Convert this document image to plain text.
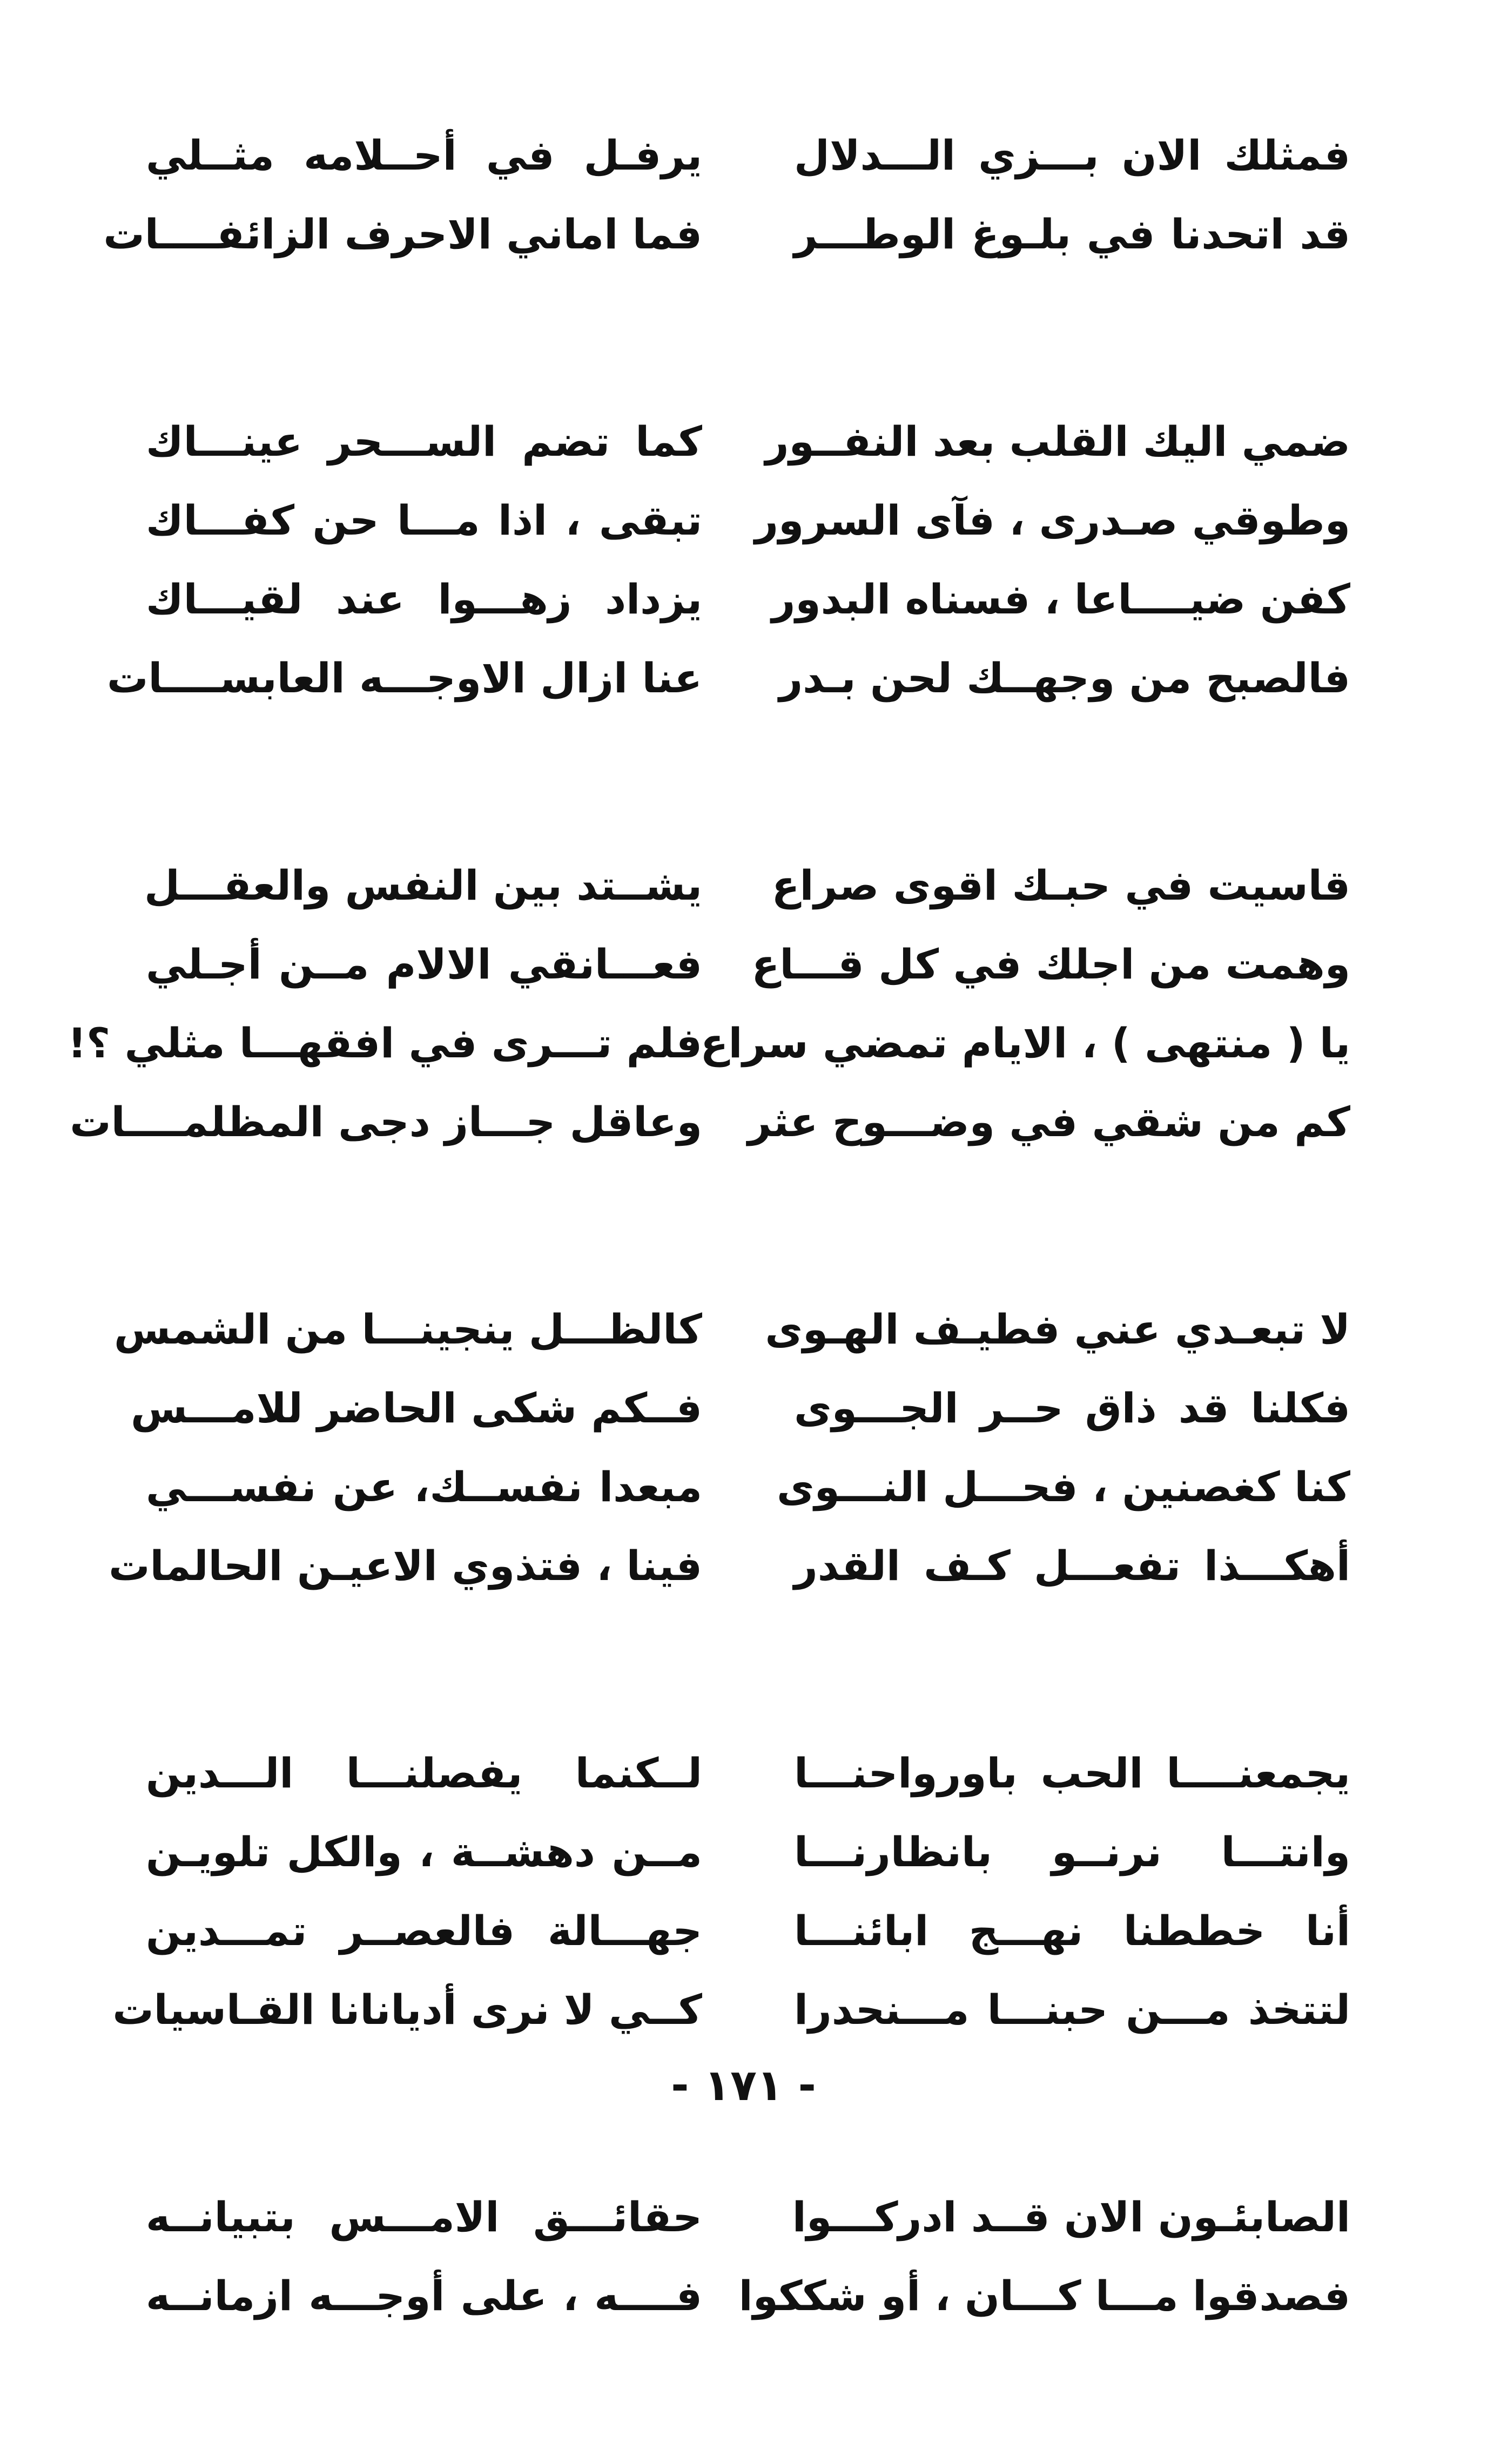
فمثلك الان بـــزي الـــدلال
يرفـل في أحــلامه مثــلي
قد اتحدنا في بلـوغ الوطـــر
فما اماني الاحرف الزائفــــات
ضمي اليك القلب بعد النفــور
كما تضم الســـحر عينـــاك
وطوقي صـدرى ، فآى السرور
تبقى ، اذا مـــا حن كفـــاك
كفن ضيــــاعا ، فسناه البدور
يزداد زهـــوا عند لقيـــاك
فالصبح من وجهــك لحن بـدر
عنا ازال الاوجـــه العابســــات
قاسيت في حبـك اقوى صراع
يشــتد بين النفس والعقـــل
وهمت من اجلك في كل قـــاع
فعـــانقي الالام مــن أجـلي
يا ( منتهى ) ، الايام تمضي سراع
فلم تـــرى في افقهـــا مثلي ؟!
كم من شقي في وضـــوح عثر
وعاقل جـــاز دجى المظلمــــات
لا تبعـدي عني فطيـف الهـوى
كالظـــل ينجينـــا من الشمس
فكلنا قد ذاق حــر الجـــوى
فــكم شكى الحاضر للامـــس
كنا كغصنين ، فحـــل النـــوى
مبعدا نفســك، عن نفســـي
أهكـــذا تفعـــل كـف القدر
فينا ، فتذوي الاعيـن الحالمات
يجمعنــــا الحب باورواحنـــا
لــكنما يفصلنـــا الـــدين
وانتـــا نرنــو بانظارنـــا
مــن دهشــة ، والكل تلويـن
أنا خططنا نهـــج ابائنـــا
جهـــالة فالعصــر تمـــدين
لتتخذ مـــن حبنـــا مـــنحدرا
كــي لا نرى أديانانا القـاسيات
الصابئـون الان قــد ادركـــوا
حقائـــق الامـــس بتبيانــه
فصدقوا مـــا كـــان ، أو شككوا
فــــه ، على أوجـــه ازمانــه
- ١٧١ -
